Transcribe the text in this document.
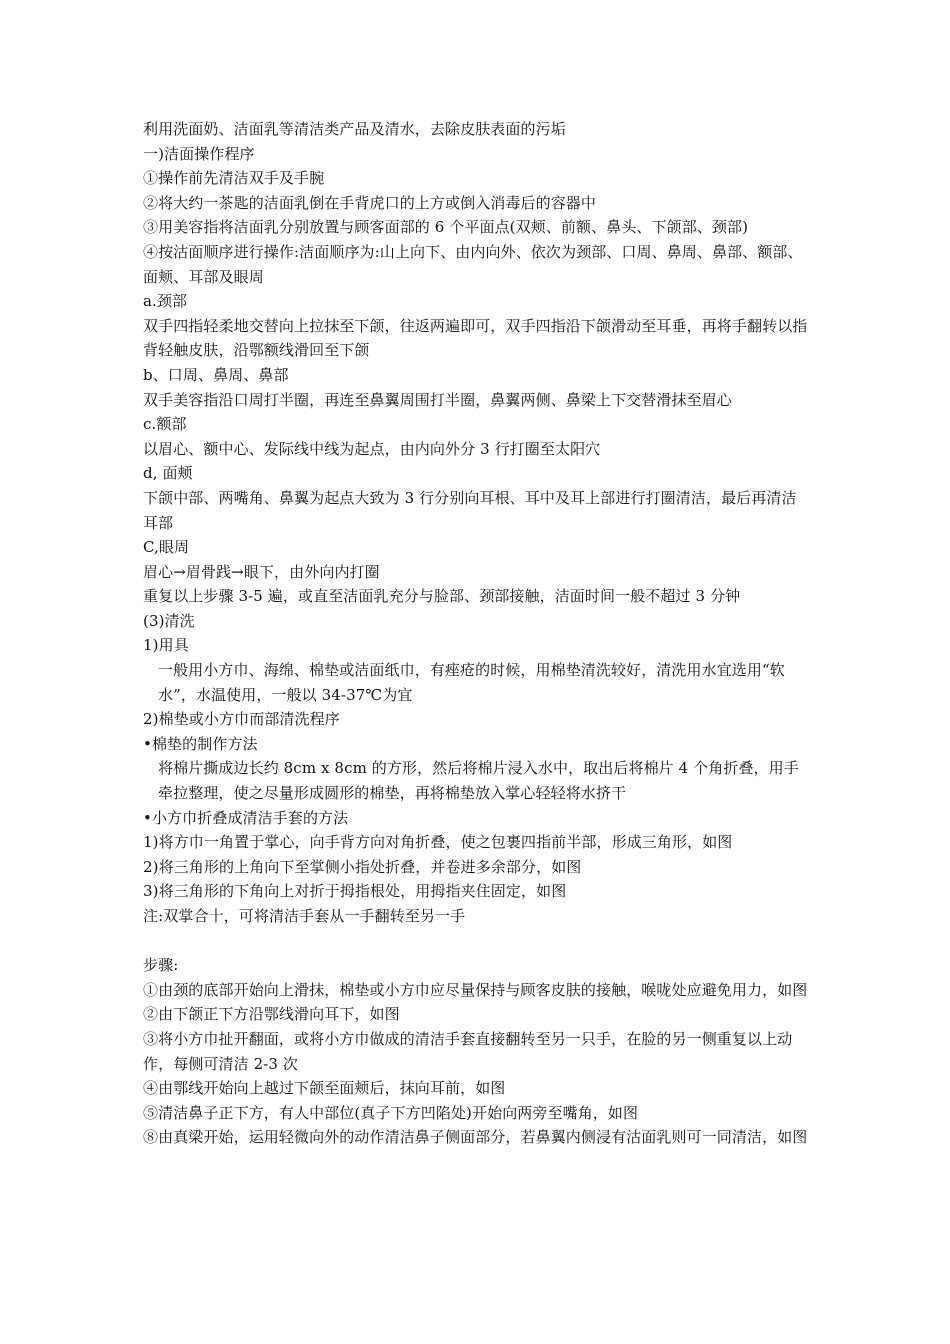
利用洗面奶、洁面乳等清洁类产品及清水，去除皮肤表面的污垢
一)洁面操作程序
①操作前先清洁双手及手腕
②将大约一茶匙的洁面乳倒在手背虎口的上方或倒入消毒后的容器中
③用美容指将洁面乳分别放置与顾客面部的 6 个平面点(双颊、前额、鼻头、下颌部、颈部)
④按沽面顺序进行操作:洁面顺序为:山上向下、由内向外、依次为颈部、口周、鼻周、鼻部、额部、面颊、耳部及眼周
a.颈部
双手四指轻柔地交替向上拉抹至下颌，往返两遍即可，双手四指沿下颌滑动至耳垂，再将手翻转以指背轻触皮肤，沿鄂额线滑回至下颌
b、口周、鼻周、鼻部
双手美容指沿口周打半圈，再连至鼻翼周围打半圈，鼻翼两侧、鼻梁上下交替滑抹至眉心
c.额部
以眉心、额中心、发际线中线为起点，由内向外分 3 行打圈至太阳穴
d, 面颊
下颌中部、两嘴角、鼻翼为起点大致为 3 行分别向耳根、耳中及耳上部进行打圈清洁，最后再清洁耳部
C,眼周
眉心→眉骨践→眼下，由外向内打圈
重复以上步骤 3-5 遍，或直至洁面乳充分与脸部、颈部接触，洁面时间一般不超过 3 分钟
(3)清洗
1)用具
一般用小方巾、海绵、棉垫或洁面纸巾，有痤疮的时候，用棉垫清洗较好，清洗用水宜选用“软水”，水温使用，一般以 34-37℃为宜
2)棉垫或小方巾而部清洗程序
•棉垫的制作方法
将棉片撕成边长约 8cm x 8cm 的方形，然后将棉片浸入水中，取出后将棉片 4 个角折叠，用手牵拉整理，使之尽量形成圆形的棉垫，再将棉垫放入掌心轻轻将水挤干
•小方巾折叠成清洁手套的方法
1)将方巾一角置于掌心，向手背方向对角折叠，使之包裹四指前半部，形成三角形，如图
2)将三角形的上角向下至掌侧小指处折叠，并卷进多余部分，如图
3)将三角形的下角向上对折于拇指根处，用拇指夹住固定，如图
注:双掌合十，可将清洁手套从一手翻转至另一手
步骤:
①由颈的底部开始向上滑抹，棉垫或小方巾应尽量保持与顾客皮肤的接触，喉咙处应避免用力，如图
②由下颌正下方沿鄂线滑向耳下，如图
③将小方巾扯开翻面，或将小方巾做成的清洁手套直接翻转至另一只手，在脸的另一侧重复以上动作，每侧可清洁 2-3 次
④由鄂线开始向上越过下颌至面颊后，抹向耳前，如图
⑤清洁鼻子正下方，有人中部位(真子下方凹陷处)开始向两旁至嘴角，如图
⑧由真梁开始，运用轻微向外的动作清洁鼻子侧面部分，若鼻翼内侧浸有沽面乳则可一同清洁，如图
